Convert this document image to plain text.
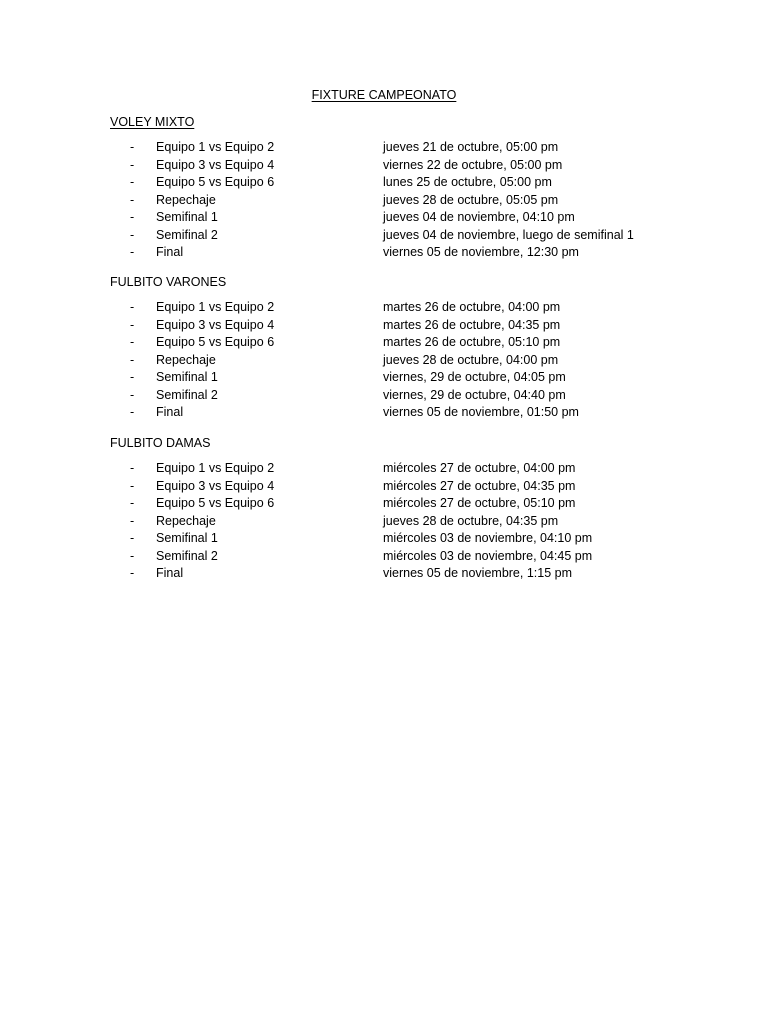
FIXTURE CAMPEONATO
VOLEY MIXTO
- Equipo 1 vs Equipo 2	jueves 21 de octubre, 05:00 pm
- Equipo 3 vs Equipo 4	viernes 22 de octubre, 05:00 pm
- Equipo 5 vs Equipo 6	lunes 25 de octubre, 05:00 pm
- Repechaje	jueves 28 de octubre, 05:05 pm
- Semifinal 1	jueves 04 de noviembre, 04:10 pm
- Semifinal 2	jueves 04 de noviembre, luego de semifinal 1
- Final	viernes 05 de noviembre, 12:30 pm
FULBITO VARONES
- Equipo 1 vs Equipo 2	martes 26 de octubre, 04:00 pm
- Equipo 3 vs Equipo 4	martes 26 de octubre, 04:35 pm
- Equipo 5 vs Equipo 6	martes 26 de octubre, 05:10 pm
- Repechaje	jueves 28 de octubre, 04:00 pm
- Semifinal 1	viernes, 29 de octubre, 04:05 pm
- Semifinal 2	viernes, 29 de octubre, 04:40 pm
- Final	viernes 05 de noviembre, 01:50 pm
FULBITO DAMAS
- Equipo 1 vs Equipo 2	miércoles 27 de octubre, 04:00 pm
- Equipo 3 vs Equipo 4	miércoles 27 de octubre, 04:35 pm
- Equipo 5 vs Equipo 6	miércoles 27 de octubre, 05:10 pm
- Repechaje	jueves 28 de octubre, 04:35 pm
- Semifinal 1	miércoles 03 de noviembre, 04:10 pm
- Semifinal 2	miércoles 03 de noviembre, 04:45 pm
- Final	viernes 05 de noviembre, 1:15 pm
